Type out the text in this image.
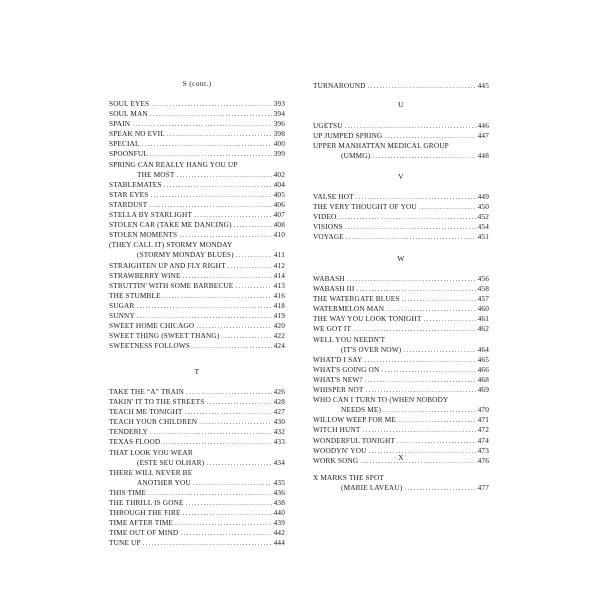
S (cont.)
SOUL EYES .....	393
SOUL MAN .....	394
SPAIN .....	396
SPEAK NO EVIL .....	398
SPECIAL .....	400
SPOONFUL .....	399
SPRING CAN REALLY HANG YOU UP
THE MOST .....	402
STABLEMATES .....	404
STAR EYES .....	405
STARDUST .....	406
STELLA BY STARLIGHT .....	407
STOLEN CAR (TAKE ME DANCING) .....	408
STOLEN MOMENTS .....	410
(THEY CALL IT) STORMY MONDAY
(STORMY MONDAY BLUES) .....	411
STRAIGHTEN UP AND FLY RIGHT .....	412
STRAWBERRY WINE .....	414
STRUTTIN' WITH SOME BARBECUE .....	413
THE STUMBLE .....	416
SUGAR .....	418
SUNNY .....	419
SWEET HOME CHICAGO .....	420
SWEET THING (SWEET THANG) .....	422
SWEETNESS FOLLOWS .....	424
T
TAKE THE “A” TRAIN .....	426
TAKIN' IT TO THE STREETS .....	428
TEACH ME TONIGHT .....	427
TEACH YOUR CHILDREN .....	430
TENDERLY .....	432
TEXAS FLOOD .....	433
THAT LOOK YOU WEAR
(ESTE SEU OLHAR) .....	434
THERE WILL NEVER BE
ANOTHER YOU .....	435
THIS TIME .....	436
THE THRILL IS GONE .....	438
THROUGH THE FIRE .....	440
TIME AFTER TIME .....	439
TIME OUT OF MIND .....	442
TUNE UP .....	444
TURNAROUND .....	445
U
UGETSU .....	446
UP JUMPED SPRING .....	447
UPPER MANHATTAN MEDICAL GROUP
(UMMG) .....	448
V
VALSE HOT .....	449
THE VERY THOUGHT OF YOU .....	450
VIDEO .....	452
VISIONS .....	454
VOYAGE .....	451
W
WABASH .....	456
WABASH III .....	458
THE WATERGATE BLUES .....	457
WATERMELON MAN .....	460
THE WAY YOU LOOK TONIGHT .....	461
WE GOT IT .....	462
WELL YOU NEEDN'T
(IT'S OVER NOW) .....	464
WHAT'D I SAY .....	465
WHAT'S GOING ON .....	466
WHAT'S NEW? .....	468
WHISPER NOT .....	469
WHO CAN I TURN TO (WHEN NOBODY
NEEDS ME) .....	470
WILLOW WEEP FOR ME .....	471
WITCH HUNT .....	472
WONDERFUL TONIGHT .....	474
WOODYN' YOU .....	473
WORK SONG .....	476
X
X MARKS THE SPOT
(MARIE LAVEAU) .....	477
